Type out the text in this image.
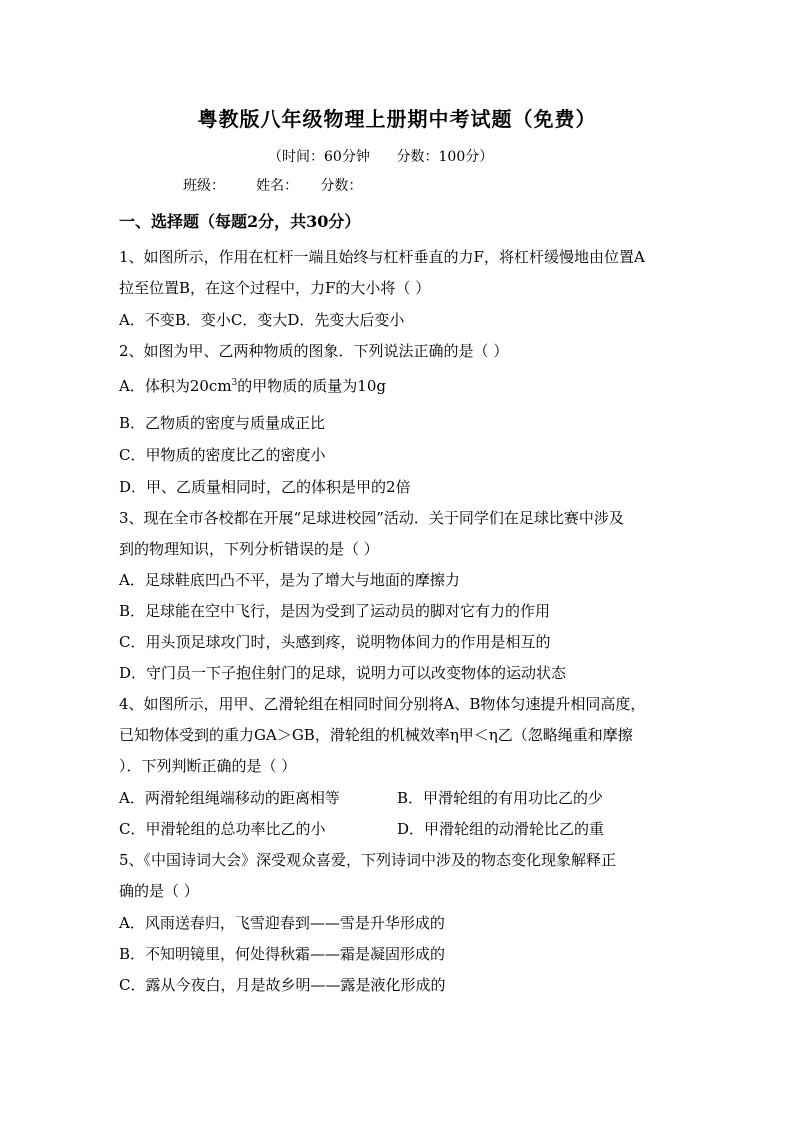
粤教版八年级物理上册期中考试题（免费）
（时间：60分钟      分数：100分）
班级：       姓名：     分数：
一、选择题（每题2分，共30分）
1、如图所示，作用在杠杆一端且始终与杠杆垂直的力F，将杠杆缓慢地由位置A
拉至位置B，在这个过程中，力F的大小将（ ）
A．不变B．变小C．变大D．先变大后变小
2、如图为甲、乙两种物质的图象．下列说法正确的是（ ）
A．体积为$20cm^3$的甲物质的质量为10g
B．乙物质的密度与质量成正比
C．甲物质的密度比乙的密度小
D．甲、乙质量相同时，乙的体积是甲的2倍
3、现在全市各校都在开展“足球进校园”活动．关于同学们在足球比赛中涉及
到的物理知识，下列分析错误的是（ ）
A．足球鞋底凹凸不平，是为了增大与地面的摩擦力
B．足球能在空中飞行，是因为受到了运动员的脚对它有力的作用
C．用头顶足球攻门时，头感到疼，说明物体间力的作用是相互的
D．守门员一下子抱住射门的足球，说明力可以改变物体的运动状态
4、如图所示，用甲、乙滑轮组在相同时间分别将A、B物体匀速提升相同高度，
已知物体受到的重力GA＞GB，滑轮组的机械效率η甲＜η乙（忽略绳重和摩擦
）．下列判断正确的是（ ）
A．两滑轮组绳端移动的距离相等	B．甲滑轮组的有用功比乙的少
C．甲滑轮组的总功率比乙的小	D．甲滑轮组的动滑轮比乙的重
5、《中国诗词大会》深受观众喜爱，下列诗词中涉及的物态变化现象解释正
确的是（ ）
A．风雨送春归，飞雪迎春到——雪是升华形成的
B．不知明镜里，何处得秋霜——霜是凝固形成的
C．露从今夜白，月是故乡明——露是液化形成的
